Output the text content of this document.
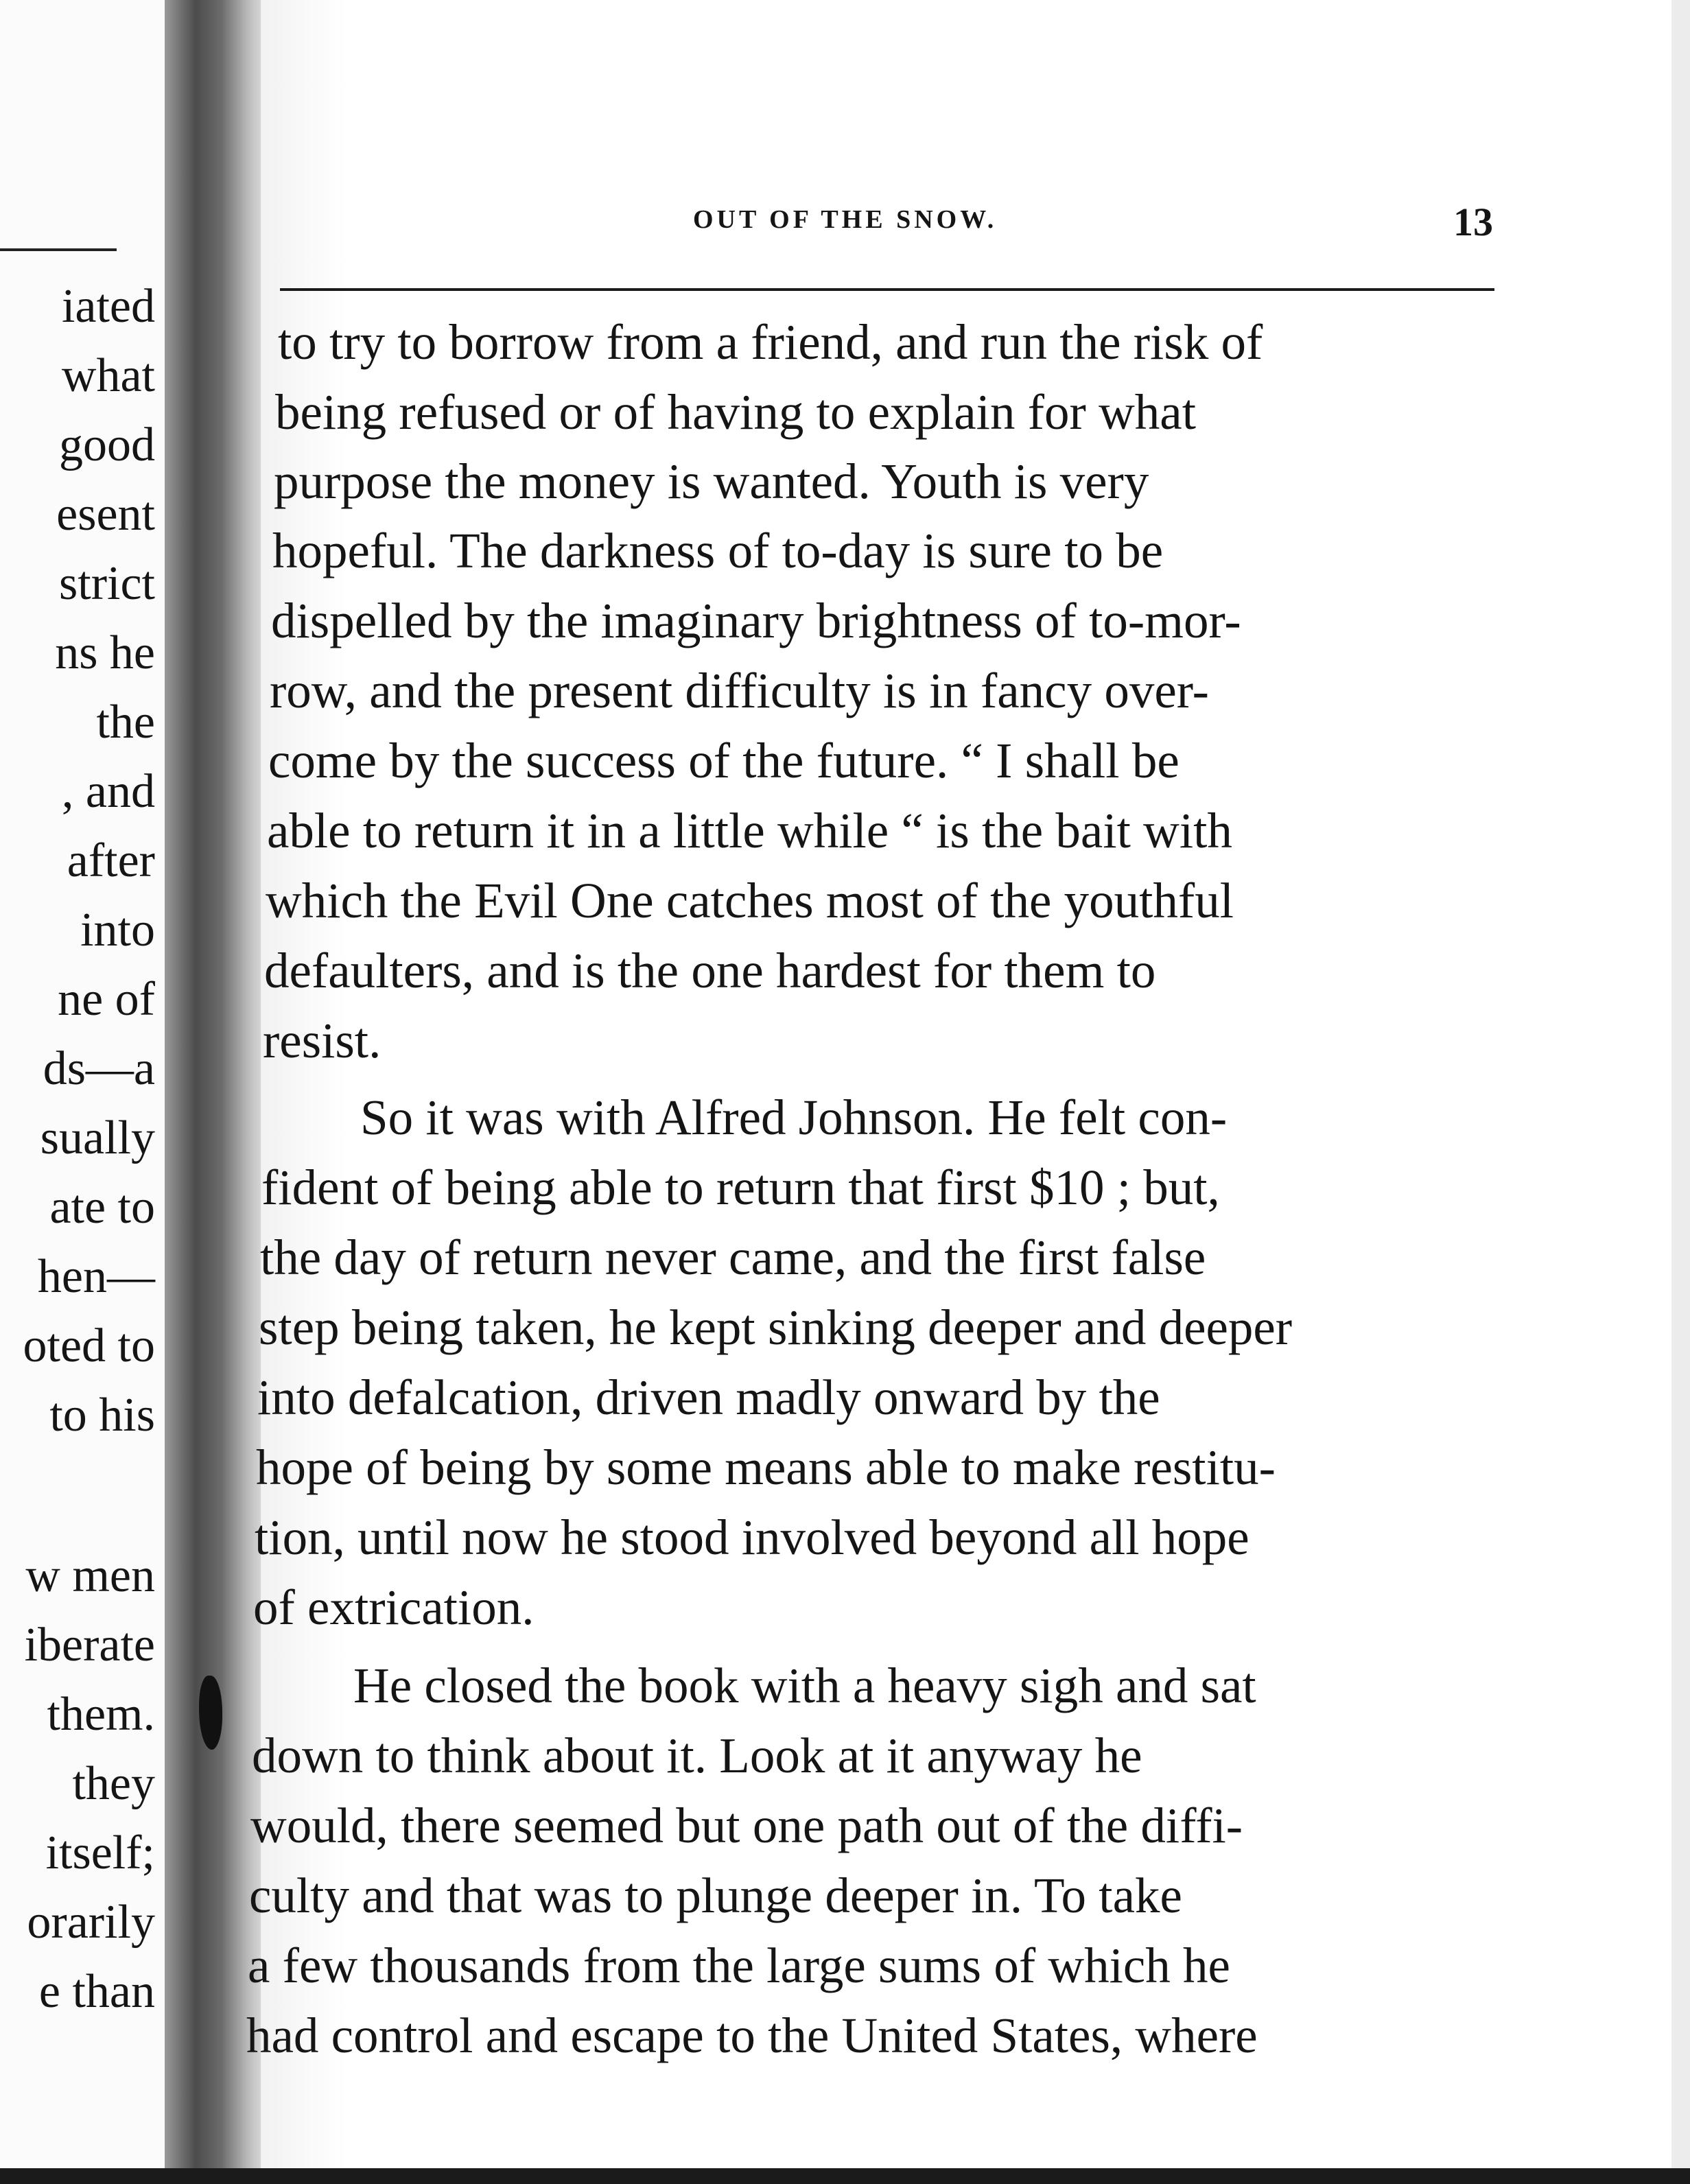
iated
what
good
esent
strict
ns he
the
, and
after
into
ne of
ds—a
sually
ate to
hen—
oted to
to his
w men
iberate
them.
they
itself;
orarily
e than
OUT OF THE SNOW.	13
to try to borrow from a friend, and run the risk of
being refused or of having to explain for what
purpose the money is wanted. Youth is very
hopeful. The darkness of to-day is sure to be
dispelled by the imaginary brightness of to-mor-
row, and the present difficulty is in fancy over-
come by the success of the future. “ I shall be
able to return it in a little while “ is the bait with
which the Evil One catches most of the youthful
defaulters, and is the one hardest for them to
resist.
So it was with Alfred Johnson. He felt con-
fident of being able to return that first $10 ; but,
the day of return never came, and the first false
step being taken, he kept sinking deeper and deeper
into defalcation, driven madly onward by the
hope of being by some means able to make restitu-
tion, until now he stood involved beyond all hope
of extrication.
He closed the book with a heavy sigh and sat
down to think about it. Look at it anyway he
would, there seemed but one path out of the diffi-
culty and that was to plunge deeper in. To take
a few thousands from the large sums of which he
had control and escape to the United States, where
